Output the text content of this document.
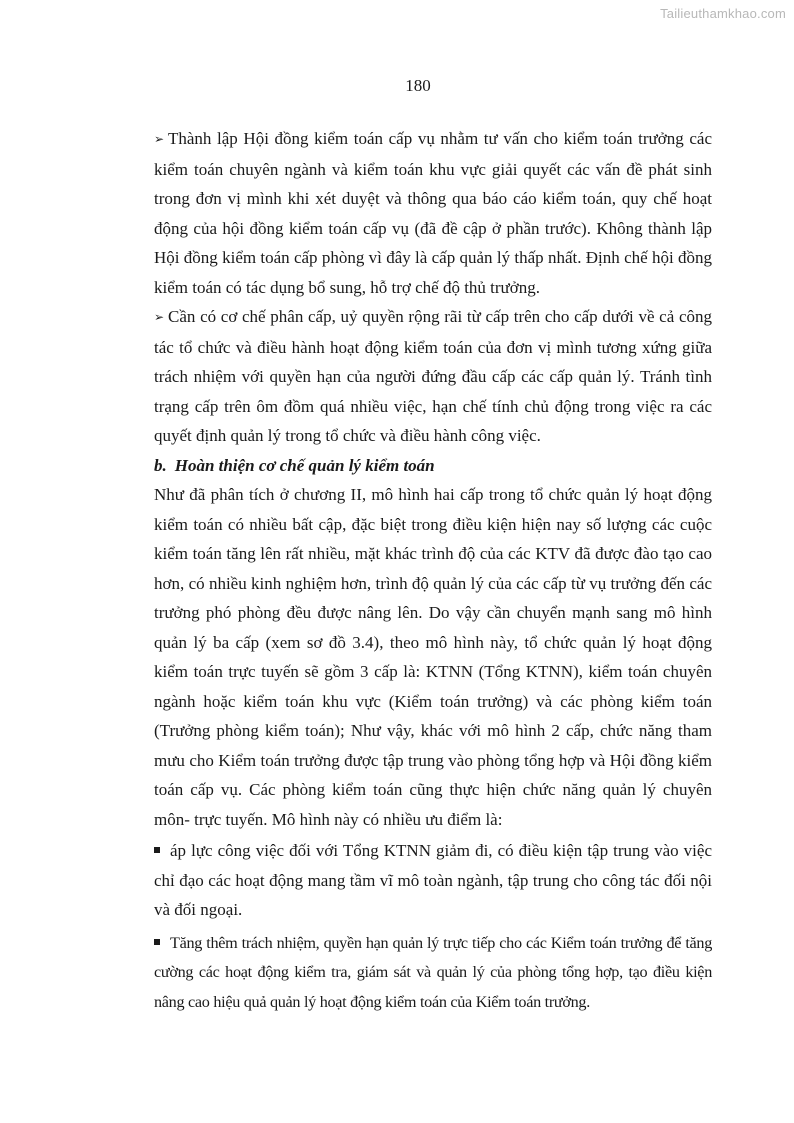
Tailieuthamkhao.com
180

➢ Thành lập Hội đồng kiểm toán cấp vụ nhằm tư vấn cho kiểm toán trưởng các kiểm toán chuyên ngành và kiểm toán khu vực giải quyết các vấn đề phát sinh trong đơn vị mình khi xét duyệt và thông qua báo cáo kiểm toán, quy chế hoạt động của hội đồng kiểm toán cấp vụ (đã đề cập ở phần trước). Không thành lập Hội đồng kiểm toán cấp phòng vì đây là cấp quản lý thấp nhất. Định chế hội đồng kiểm toán có tác dụng bổ sung, hỗ trợ chế độ thủ trưởng.

➢ Cần có cơ chế phân cấp, uỷ quyền rộng rãi từ cấp trên cho cấp dưới về cả công tác tổ chức và điều hành hoạt động kiểm toán của đơn vị mình tương xứng giữa trách nhiệm với quyền hạn của người đứng đầu cấp các cấp quản lý. Tránh tình trạng cấp trên ôm đồm quá nhiều việc, hạn chế tính chủ động trong việc ra các quyết định quản lý trong tổ chức và điều hành công việc.

b. Hoàn thiện cơ chế quản lý kiểm toán

Như đã phân tích ở chương II, mô hình hai cấp trong tổ chức quản lý hoạt động kiểm toán có nhiều bất cập, đặc biệt trong điều kiện hiện nay số lượng các cuộc kiểm toán tăng lên rất nhiều, mặt khác trình độ của các KTV đã được đào tạo cao hơn, có nhiều kinh nghiệm hơn, trình độ quản lý của các cấp từ vụ trưởng đến các trưởng phó phòng đều được nâng lên. Do vậy cần chuyển mạnh sang mô hình quản lý ba cấp (xem sơ đồ 3.4), theo mô hình này, tổ chức quản lý hoạt động kiểm toán trực tuyến sẽ gồm 3 cấp là: KTNN (Tổng KTNN), kiểm toán chuyên ngành hoặc kiểm toán khu vực (Kiểm toán trưởng) và các phòng kiểm toán (Trưởng phòng kiểm toán); Như vậy, khác với mô hình 2 cấp, chức năng tham mưu cho Kiểm toán trưởng được tập trung vào phòng tổng hợp và Hội đồng kiểm toán cấp vụ. Các phòng kiểm toán cũng thực hiện chức năng quản lý chuyên môn- trực tuyến. Mô hình này có nhiều ưu điểm là:

áp lực công việc đối với Tổng KTNN giảm đi, có điều kiện tập trung vào việc chỉ đạo các hoạt động mang tầm vĩ mô toàn ngành, tập trung cho công tác đối nội và đối ngoại.

Tăng thêm trách nhiệm, quyền hạn quản lý trực tiếp cho các Kiểm toán trưởng để tăng cường các hoạt động kiểm tra, giám sát và quản lý của phòng tổng hợp, tạo điều kiện nâng cao hiệu quả quản lý hoạt động kiểm toán của Kiểm toán trưởng.
